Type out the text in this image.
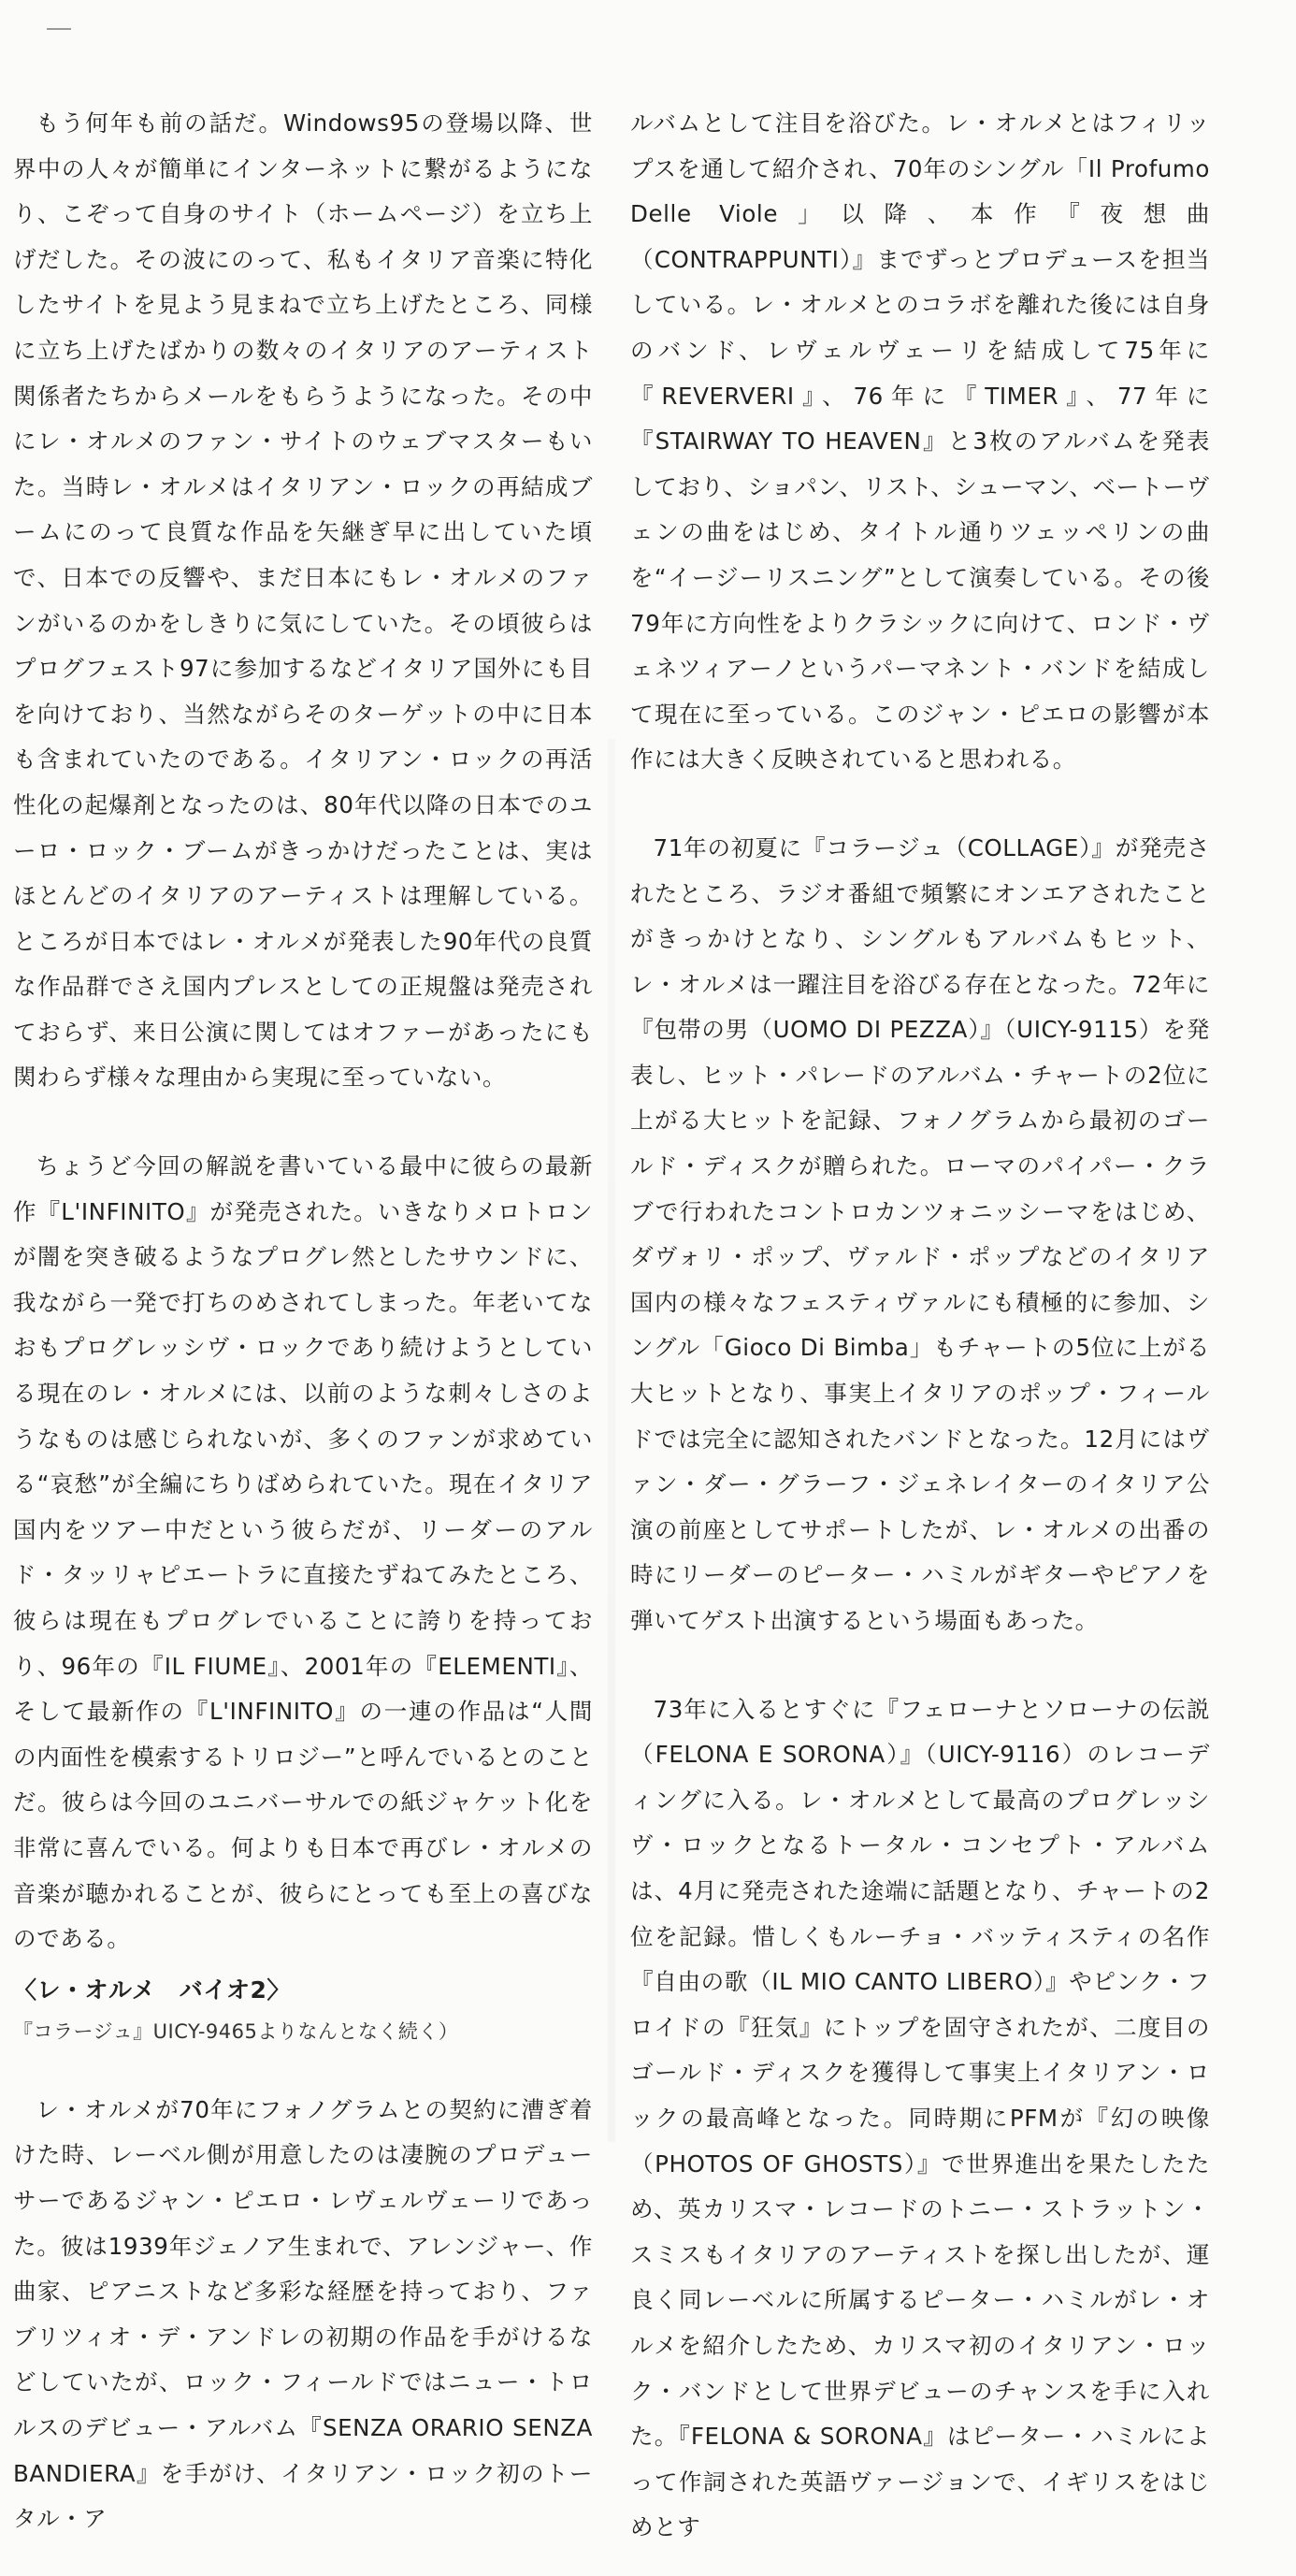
もう何年も前の話だ。Windows95の登場以降、世界中の人々が簡単にインターネットに繋がるようになり、こぞって自身のサイト（ホームページ）を立ち上げだした。その波にのって、私もイタリア音楽に特化したサイトを見よう見まねで立ち上げたところ、同様に立ち上げたばかりの数々のイタリアのアーティスト関係者たちからメールをもらうようになった。その中にレ・オルメのファン・サイトのウェブマスターもいた。当時レ・オルメはイタリアン・ロックの再結成ブームにのって良質な作品を矢継ぎ早に出していた頃で、日本での反響や、まだ日本にもレ・オルメのファンがいるのかをしきりに気にしていた。その頃彼らはプログフェスト97に参加するなどイタリア国外にも目を向けており、当然ながらそのターゲットの中に日本も含まれていたのである。イタリアン・ロックの再活性化の起爆剤となったのは、80年代以降の日本でのユーロ・ロック・ブームがきっかけだったことは、実はほとんどのイタリアのアーティストは理解している。ところが日本ではレ・オルメが発表した90年代の良質な作品群でさえ国内プレスとしての正規盤は発売されておらず、来日公演に関してはオファーがあったにも関わらず様々な理由から実現に至っていない。

ちょうど今回の解説を書いている最中に彼らの最新作『L'INFINITO』が発売された。いきなりメロトロンが闇を突き破るようなプログレ然としたサウンドに、我ながら一発で打ちのめされてしまった。年老いてなおもプログレッシヴ・ロックであり続けようとしている現在のレ・オルメには、以前のような刺々しさのようなものは感じられないが、多くのファンが求めている“哀愁”が全編にちりばめられていた。現在イタリア国内をツアー中だという彼らだが、リーダーのアルド・タッリャピエートラに直接たずねてみたところ、彼らは現在もプログレでいることに誇りを持っており、96年の『IL FIUME』、2001年の『ELEMENTI』、そして最新作の『L'INFINITO』の一連の作品は“人間の内面性を模索するトリロジー”と呼んでいるとのことだ。彼らは今回のユニバーサルでの紙ジャケット化を非常に喜んでいる。何よりも日本で再びレ・オルメの音楽が聴かれることが、彼らにとっても至上の喜びなのである。

〈レ・オルメ　バイオ2〉

『コラージュ』UICY-9465よりなんとなく続く）

レ・オルメが70年にフォノグラムとの契約に漕ぎ着けた時、レーベル側が用意したのは凄腕のプロデューサーであるジャン・ピエロ・レヴェルヴェーリであった。彼は1939年ジェノア生まれで、アレンジャー、作曲家、ピアニストなど多彩な経歴を持っており、ファブリツィオ・デ・アンドレの初期の作品を手がけるなどしていたが、ロック・フィールドではニュー・トロルスのデビュー・アルバム『SENZA ORARIO SENZA BANDIERA』を手がけ、イタリアン・ロック初のトータル・ア

ルバムとして注目を浴びた。レ・オルメとはフィリップスを通して紹介され、70年のシングル「Il Profumo Delle Viole」以降、本作『夜想曲（CONTRAPPUNTI）』までずっとプロデュースを担当している。レ・オルメとのコラボを離れた後には自身のバンド、レヴェルヴェーリを結成して75年に『REVERVERI』、76年に『TIMER』、77年に『STAIRWAY TO HEAVEN』と3枚のアルバムを発表しており、ショパン、リスト、シューマン、ベートーヴェンの曲をはじめ、タイトル通りツェッペリンの曲を“イージーリスニング”として演奏している。その後79年に方向性をよりクラシックに向けて、ロンド・ヴェネツィアーノというパーマネント・バンドを結成して現在に至っている。このジャン・ピエロの影響が本作には大きく反映されていると思われる。

71年の初夏に『コラージュ（COLLAGE）』が発売されたところ、ラジオ番組で頻繁にオンエアされたことがきっかけとなり、シングルもアルバムもヒット、レ・オルメは一躍注目を浴びる存在となった。72年に『包帯の男（UOMO DI PEZZA）』（UICY-9115）を発表し、ヒット・パレードのアルバム・チャートの2位に上がる大ヒットを記録、フォノグラムから最初のゴールド・ディスクが贈られた。ローマのパイパー・クラブで行われたコントロカンツォニッシーマをはじめ、ダヴォリ・ポップ、ヴァルド・ポップなどのイタリア国内の様々なフェスティヴァルにも積極的に参加、シングル「Gioco Di Bimba」もチャートの5位に上がる大ヒットとなり、事実上イタリアのポップ・フィールドでは完全に認知されたバンドとなった。12月にはヴァン・ダー・グラーフ・ジェネレイターのイタリア公演の前座としてサポートしたが、レ・オルメの出番の時にリーダーのピーター・ハミルがギターやピアノを弾いてゲスト出演するという場面もあった。

73年に入るとすぐに『フェローナとソローナの伝説（FELONA E SORONA）』（UICY-9116）のレコーディングに入る。レ・オルメとして最高のプログレッシヴ・ロックとなるトータル・コンセプト・アルバムは、4月に発売された途端に話題となり、チャートの2位を記録。惜しくもルーチョ・バッティスティの名作『自由の歌（IL MIO CANTO LIBERO）』やピンク・フロイドの『狂気』にトップを固守されたが、二度目のゴールド・ディスクを獲得して事実上イタリアン・ロックの最高峰となった。同時期にPFMが『幻の映像（PHOTOS OF GHOSTS）』で世界進出を果たしたため、英カリスマ・レコードのトニー・ストラットン・スミスもイタリアのアーティストを探し出したが、運良く同レーベルに所属するピーター・ハミルがレ・オルメを紹介したため、カリスマ初のイタリアン・ロック・バンドとして世界デビューのチャンスを手に入れた。『FELONA & SORONA』はピーター・ハミルによって作詞された英語ヴァージョンで、イギリスをはじめとす
